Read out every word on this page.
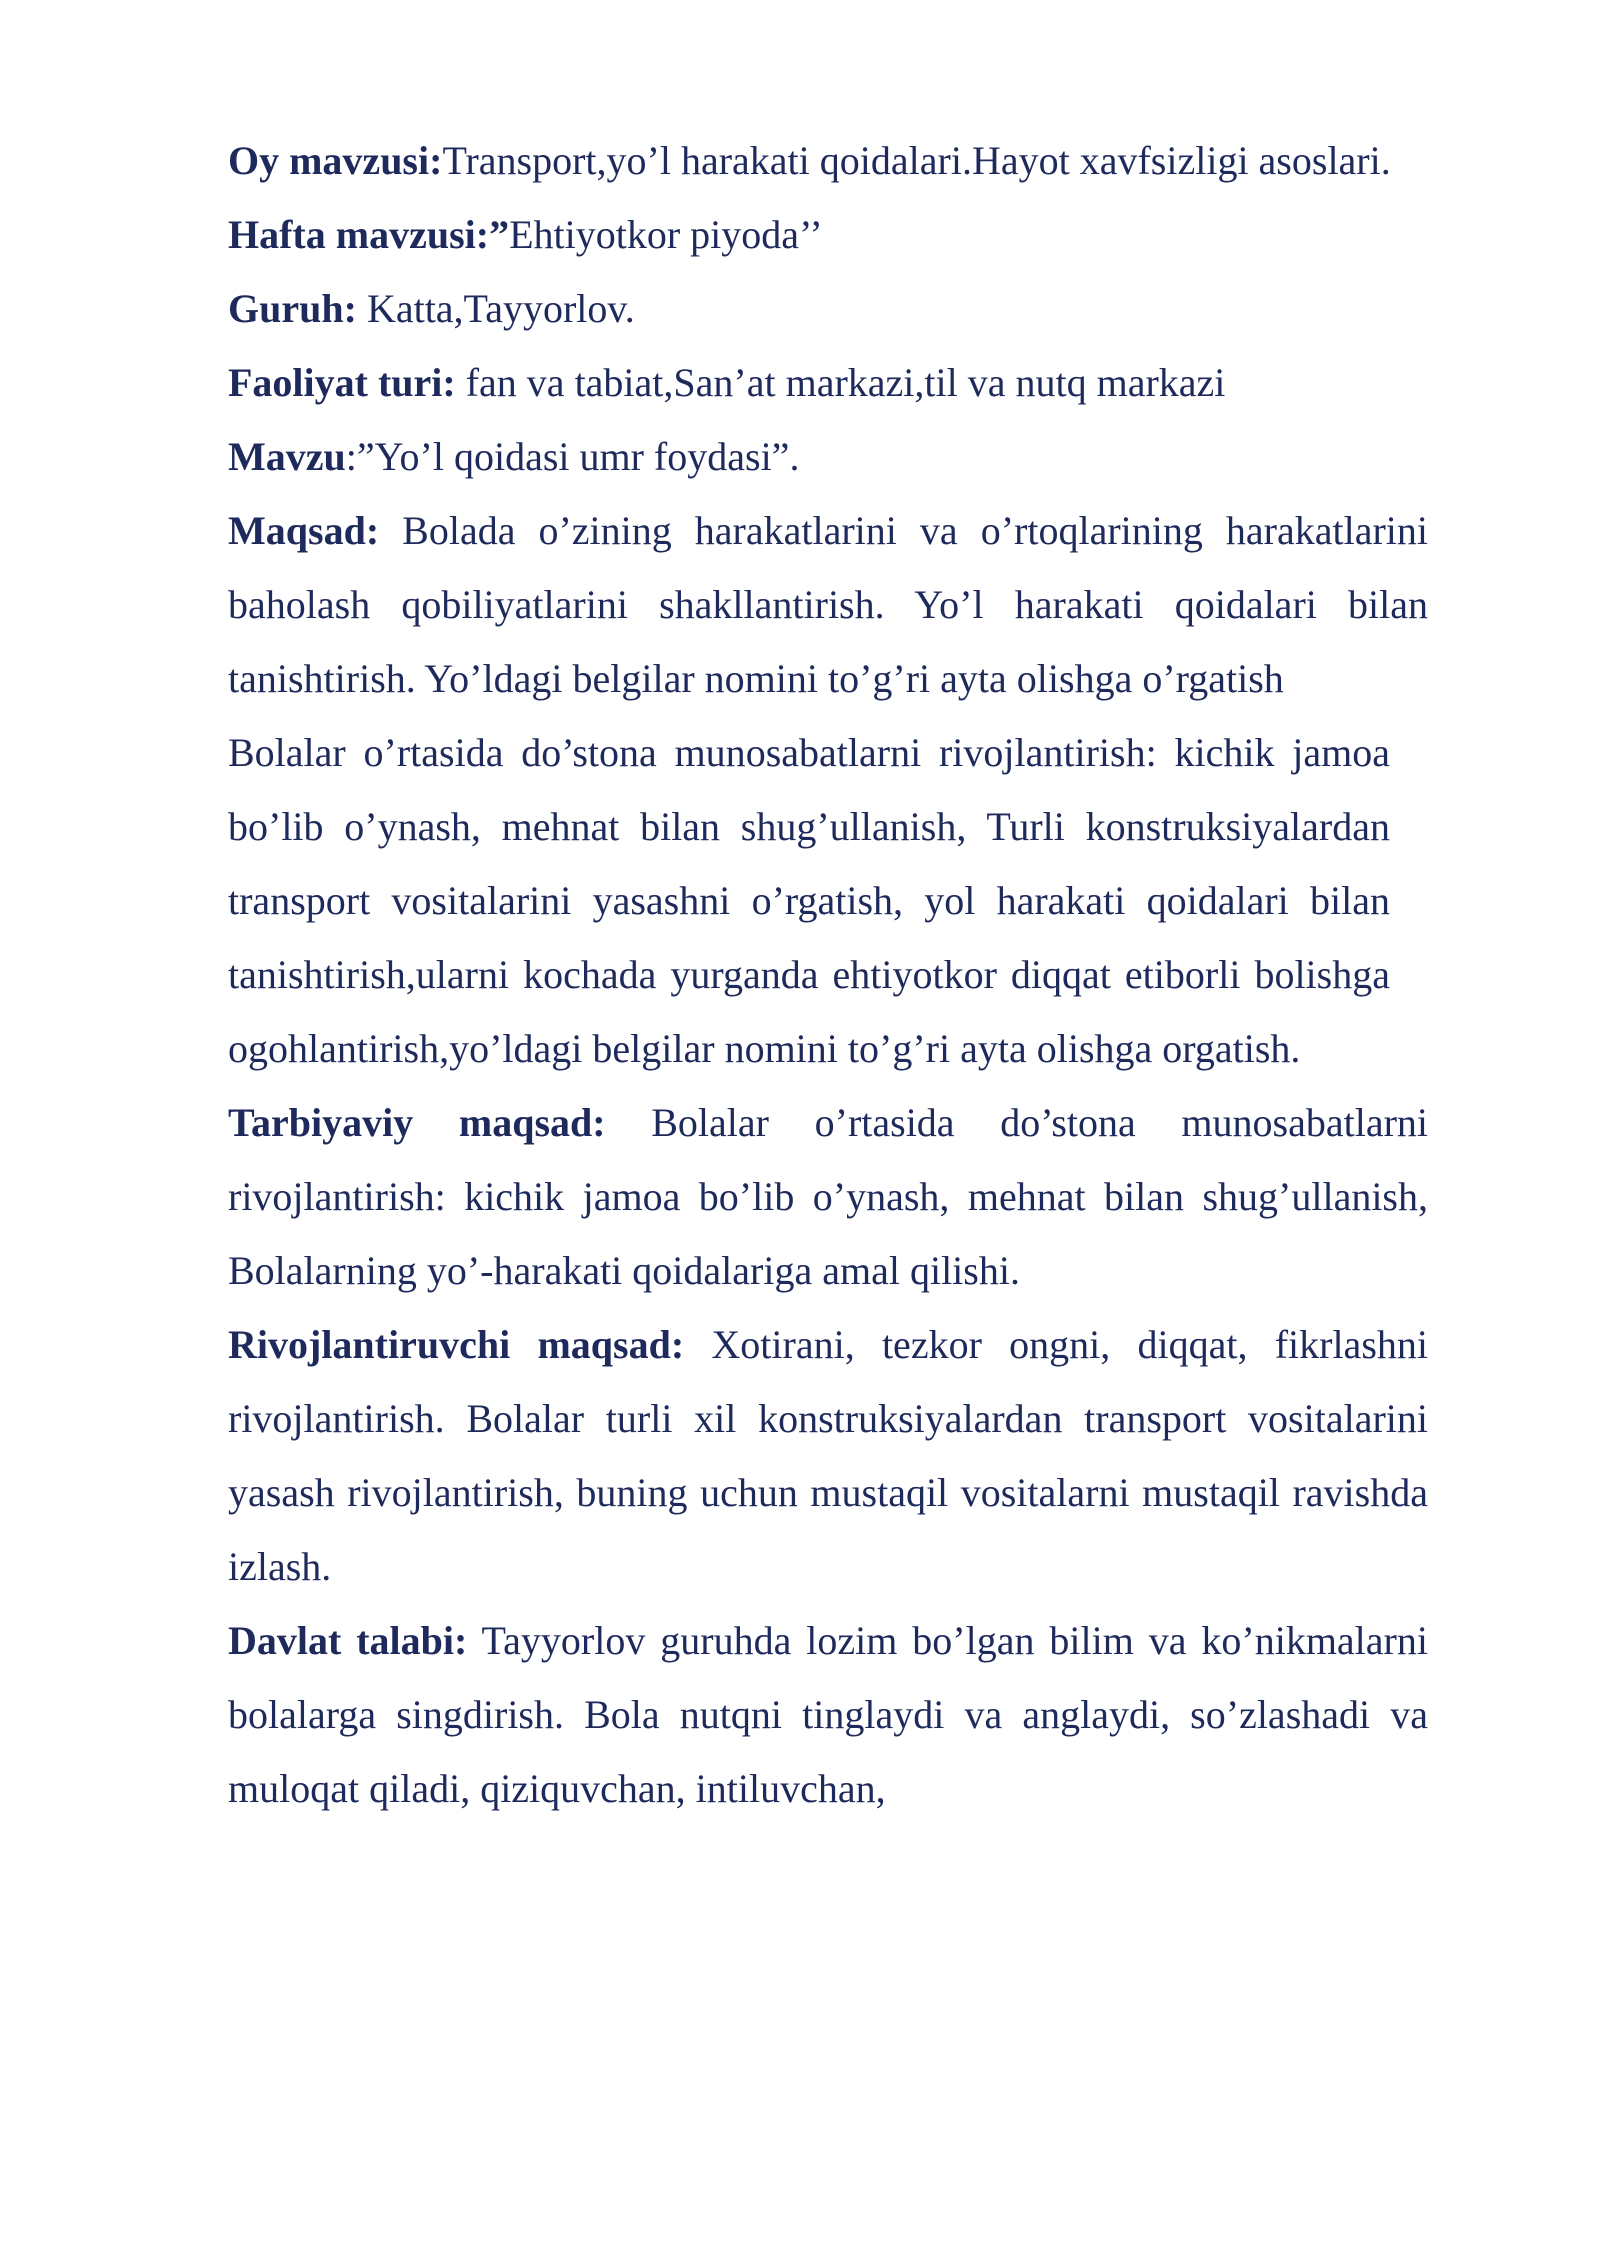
Oy mavzusi:Transport,yo’l harakati qoidalari.Hayot xavfsizligi asoslari.

Hafta mavzusi:”Ehtiyotkor piyoda’’

Guruh: Katta,Tayyorlov.

Faoliyat turi: fan va tabiat,San’at markazi,til va nutq markazi

Mavzu:”Yo’l qoidasi umr foydasi”.

Maqsad: Bolada o’zining harakatlarini va o’rtoqlarining harakatlarini baholash qobiliyatlarini shakllantirish. Yo’l harakati qoidalari bilan tanishtirish. Yo’ldagi belgilar nomini to’g’ri ayta olishga o’rgatish

Bolalar o’rtasida do’stona munosabatlarni rivojlantirish: kichik jamoa bo’lib o’ynash, mehnat bilan shug’ullanish, Turli konstruksiyalardan transport vositalarini yasashni o’rgatish, yol harakati qoidalari bilan tanishtirish,ularni kochada yurganda ehtiyotkor diqqat etiborli bolishga ogohlantirish,yo’ldagi belgilar nomini to’g’ri ayta olishga orgatish.

Tarbiyaviy maqsad: Bolalar o’rtasida do’stona munosabatlarni rivojlantirish: kichik jamoa bo’lib o’ynash, mehnat bilan shug’ullanish, Bolalarning yo’-harakati qoidalariga amal qilishi.

Rivojlantiruvchi maqsad: Xotirani, tezkor ongni, diqqat, fikrlashni rivojlantirish. Bolalar turli xil konstruksiyalardan transport vositalarini yasash rivojlantirish, buning uchun mustaqil vositalarni mustaqil ravishda izlash.

Davlat talabi: Tayyorlov guruhda lozim bo’lgan bilim va ko’nikmalarni bolalarga singdirish. Bola nutqni tinglaydi va anglaydi, so’zlashadi va muloqat qiladi, qiziquvchan, intiluvchan,
